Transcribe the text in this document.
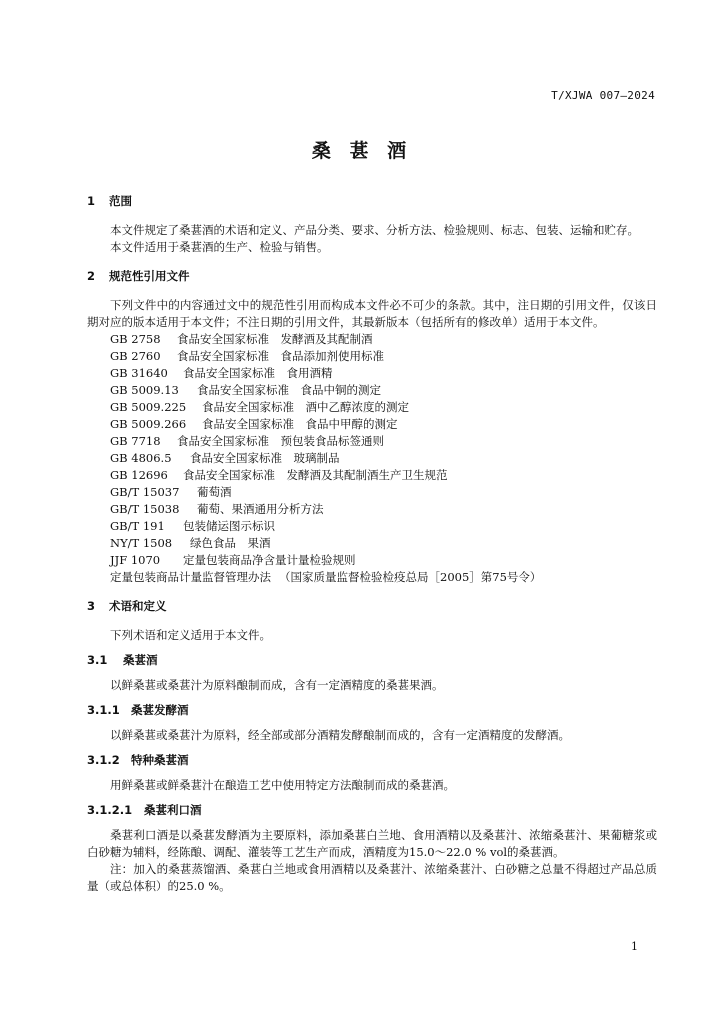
T/XJWA 007—2024
桑 葚 酒
1 范围

本文件规定了桑葚酒的术语和定义、产品分类、要求、分析方法、检验规则、标志、包装、运输和贮存。

本文件适用于桑葚酒的生产、检验与销售。

2 规范性引用文件

下列文件中的内容通过文中的规范性引用而构成本文件必不可少的条款。其中，注日期的引用文件，仅该日期对应的版本适用于本文件；不注日期的引用文件，其最新版本（包括所有的修改单）适用于本文件。

GB 2758 食品安全国家标准　发酵酒及其配制酒

GB 2760 食品安全国家标准　食品添加剂使用标准

GB 31640 食品安全国家标准　食用酒精

GB 5009.13 食品安全国家标准　食品中铜的测定

GB 5009.225 食品安全国家标准　酒中乙醇浓度的测定

GB 5009.266 食品安全国家标准　食品中甲醇的测定

GB 7718 食品安全国家标准　预包装食品标签通则

GB 4806.5 食品安全国家标准　玻璃制品

GB 12696 食品安全国家标准　发酵酒及其配制酒生产卫生规范

GB/T 15037 葡萄酒

GB/T 15038 葡萄、果酒通用分析方法

GB/T 191 包装储运图示标识

NY/T 1508 绿色食品　果酒

JJF 1070 定量包装商品净含量计量检验规则

定量包装商品计量监督管理办法 （国家质量监督检验检疫总局［2005］第75号令）

3 术语和定义

下列术语和定义适用于本文件。

3.1 桑葚酒

以鲜桑葚或桑葚汁为原料酿制而成，含有一定酒精度的桑葚果酒。

3.1.1 桑葚发酵酒

以鲜桑葚或桑葚汁为原料，经全部或部分酒精发酵酿制而成的，含有一定酒精度的发酵酒。

3.1.2 特种桑葚酒

用鲜桑葚或鲜桑葚汁在酿造工艺中使用特定方法酿制而成的桑葚酒。

3.1.2.1 桑葚利口酒

桑葚利口酒是以桑葚发酵酒为主要原料，添加桑葚白兰地、食用酒精以及桑葚汁、浓缩桑葚汁、果葡糖浆或白砂糖为辅料，经陈酿、调配、灌装等工艺生产而成，酒精度为15.0～22.0 % vol的桑葚酒。

注：加入的桑葚蒸馏酒、桑葚白兰地或食用酒精以及桑葚汁、浓缩桑葚汁、白砂糖之总量不得超过产品总质量（或总体积）的25.0 %。

1
